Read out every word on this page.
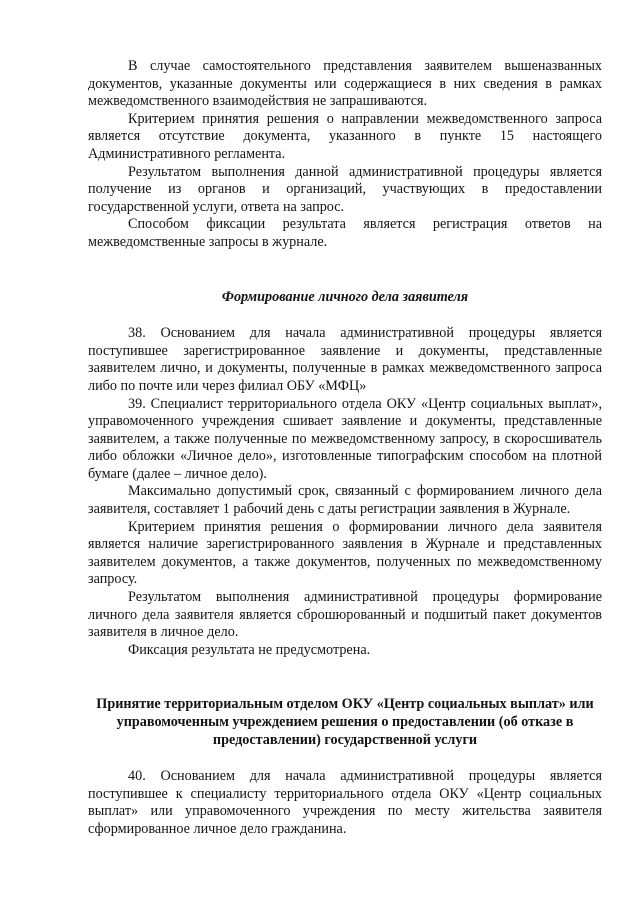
В случае самостоятельного представления заявителем вышеназванных документов, указанные документы или содержащиеся в них сведения в рамках межведомственного взаимодействия не запрашиваются.

Критерием принятия решения о направлении межведомственного запроса является отсутствие документа, указанного в пункте 15 настоящего Административного регламента.

Результатом выполнения данной административной процедуры является получение из органов и организаций, участвующих в предоставлении государственной услуги, ответа на запрос.

Способом фиксации результата является регистрация ответов на межведомственные запросы в журнале.

Формирование личного дела заявителя

38. Основанием для начала административной процедуры является поступившее зарегистрированное заявление и документы, представленные заявителем лично, и документы, полученные в рамках межведомственного запроса либо по почте или через филиал ОБУ «МФЦ»

39. Специалист территориального отдела ОКУ «Центр социальных выплат», управомоченного учреждения сшивает заявление и документы, представленные заявителем, а также полученные по межведомственному запросу, в скоросшиватель либо обложки «Личное дело», изготовленные типографским способом на плотной бумаге (далее – личное дело).

Максимально допустимый срок, связанный с формированием личного дела заявителя, составляет 1 рабочий день с даты регистрации заявления в Журнале.

Критерием принятия решения о формировании личного дела заявителя является наличие зарегистрированного заявления в Журнале и представленных заявителем документов, а также документов, полученных по межведомственному запросу.

Результатом выполнения административной процедуры формирование личного дела заявителя является сброшюрованный и подшитый пакет документов заявителя в личное дело.

Фиксация результата не предусмотрена.

Принятие территориальным отделом ОКУ «Центр социальных выплат» или управомоченным учреждением решения о предоставлении (об отказе в предоставлении) государственной услуги

40. Основанием для начала административной процедуры является поступившее к специалисту территориального отдела ОКУ «Центр социальных выплат» или управомоченного учреждения по месту жительства заявителя сформированное личное дело гражданина.
